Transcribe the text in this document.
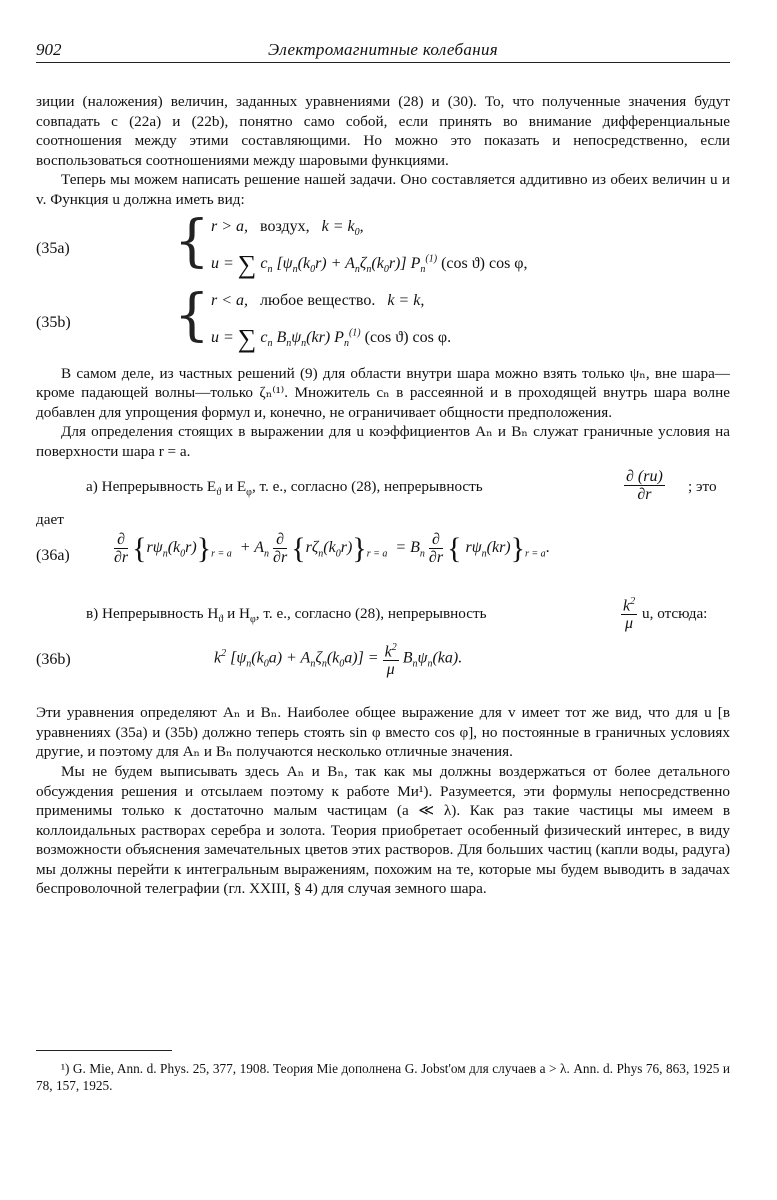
902	Электромагнитные колебания

зиции (наложения) величин, заданных уравнениями (28) и (30). То, что полученные значения будут совпадать с (22a) и (22b), понятно само собой, если принять во внимание дифференциальные соотношения между этими составляющими. Но можно это показать и непосредственно, если воспользоваться соотношениями между шаровыми функциями.

Теперь мы можем написать решение нашей задачи. Оно составляется аддитивно из обеих величин u и v. Функция u должна иметь вид:

(35a) { r > a,   воздух,   $k = k_0$,
u = ∑ $c_n$ $[\psi_n(k_0r) + A_n\zeta_n(k_0r)]$ $P_n^{(1)}$ (cos ϑ) cos φ,
(35b) { r < a,   любое вещество.   k = k,
u = ∑ $c_n$ $B_n\psi_n(kr)$ $P_n^{(1)}$ (cos ϑ) cos φ.

В самом деле, из частных решений (9) для области внутри шара можно взять только ψₙ, вне шара—кроме падающей волны—только ζₙ⁽¹⁾. Множитель cₙ в рассеянной и в проходящей внутрь шара волне добавлен для упрощения формул и, конечно, не ограничивает общности предположения.

Для определения стоящих в выражении для u коэффициентов Aₙ и Bₙ служат граничные условия на поверхности шара r = a.

a) Непрерывность $E_ϑ$ и $E_\varphi$, т. е., согласно (28), непрерывность	$\frac{\partial (ru)}{\partial r}$ ; это

дает

(36a)	$\frac{\partial}{\partial r} \{r\psi_n(k_0r)\}_{r = a} + A_n \frac{\partial}{\partial r} \{r\zeta_n(k_0r)\}_{r = a} = B_n \frac{\partial}{\partial r}$ { $r\psi_n(kr)\}_{r = a}$.
в) Непрерывность $H_ϑ$ и $H_\varphi$, т. е., согласно (28), непрерывность	$\frac{k^2}{\mu} u$, отсюда:
(36b)	$k^2$ $[\psi_n(k_0a) + A_n\zeta_n(k_0a)] = \frac{k^2}{\mu} B_n\psi_n(ka)$.

Эти уравнения определяют Aₙ и Bₙ. Наиболее общее выражение для v имеет тот же вид, что для u [в уравнениях (35a) и (35b) должно теперь стоять sin φ вместо cos φ], но постоянные в граничных условиях другие, и поэтому для Aₙ и Bₙ получаются несколько отличные значения.

Мы не будем выписывать здесь Aₙ и Bₙ, так как мы должны воздержаться от более детального обсуждения решения и отсылаем поэтому к работе Ми¹). Разумеется, эти формулы непосредственно применимы только к достаточно малым частицам (a ≪ λ). Как раз такие частицы мы имеем в коллоидальных растворах серебра и золота. Теория приобретает особенный физический интерес, в виду возможности объяснения замечательных цветов этих растворов. Для больших частиц (капли воды, радуга) мы должны перейти к интегральным выражениям, похожим на те, которые мы будем выводить в задачах беспроволочной телеграфии (гл. XXIII, § 4) для случая земного шара.

¹) G. Mie, Ann. d. Phys. 25, 377, 1908. Теория Mie дополнена G. Jobst'ом для случаев a > λ. Ann. d. Phys 76, 863, 1925 и 78, 157, 1925.
